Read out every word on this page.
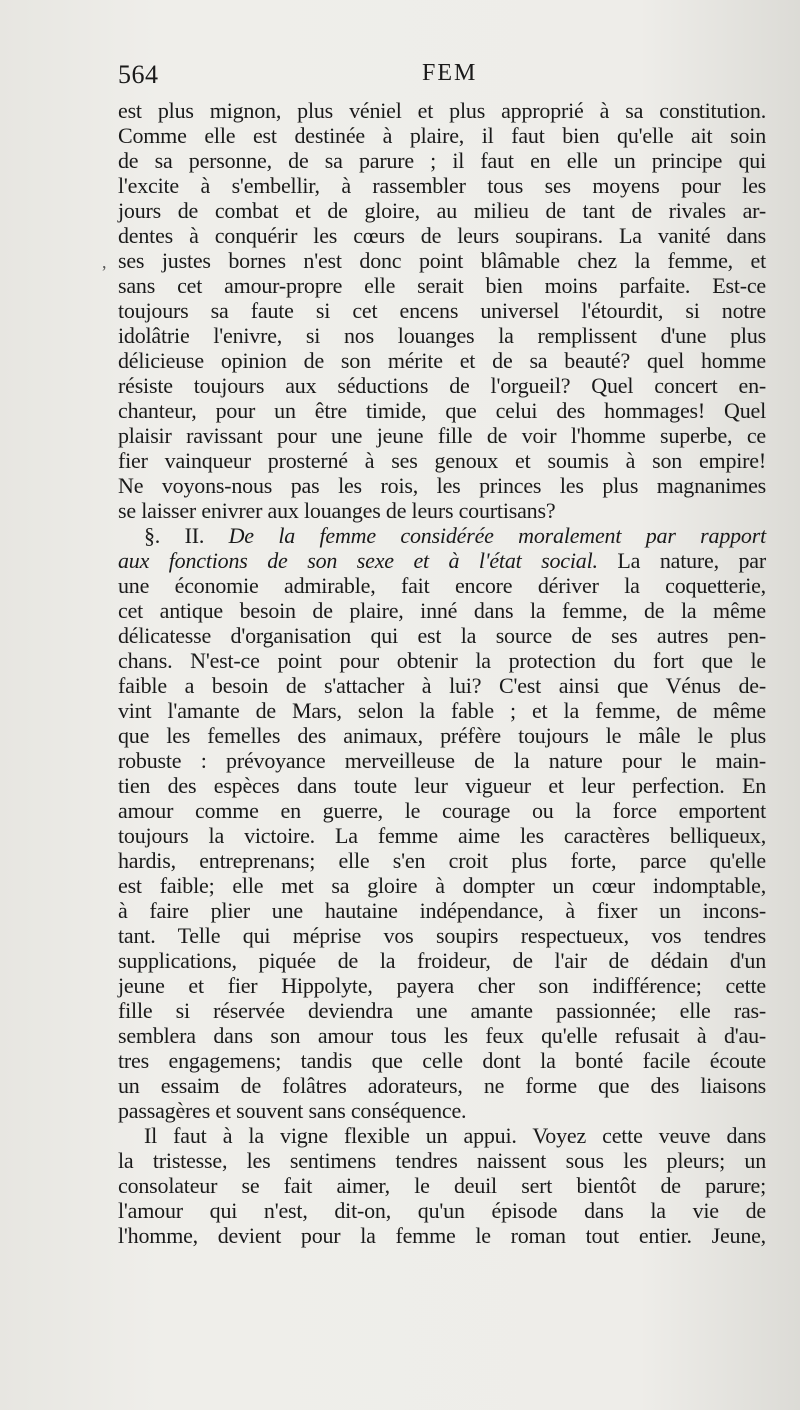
564	FEM
est plus mignon, plus véniel et plus approprié à sa constitution.
Comme elle est destinée à plaire, il faut bien qu'elle ait soin
de sa personne, de sa parure ; il faut en elle un principe qui
l'excite à s'embellir, à rassembler tous ses moyens pour les
jours de combat et de gloire, au milieu de tant de rivales ar-
dentes à conquérir les cœurs de leurs soupirans. La vanité dans
ses justes bornes n'est donc point blâmable chez la femme, et
sans cet amour-propre elle serait bien moins parfaite. Est-ce
toujours sa faute si cet encens universel l'étourdit, si notre
idolâtrie l'enivre, si nos louanges la remplissent d'une plus
délicieuse opinion de son mérite et de sa beauté? quel homme
résiste toujours aux séductions de l'orgueil? Quel concert en-
chanteur, pour un être timide, que celui des hommages! Quel
plaisir ravissant pour une jeune fille de voir l'homme superbe, ce
fier vainqueur prosterné à ses genoux et soumis à son empire!
Ne voyons-nous pas les rois, les princes les plus magnanimes
se laisser enivrer aux louanges de leurs courtisans?
§. II. De la femme considérée moralement par rapport
aux fonctions de son sexe et à l'état social. La nature, par
une économie admirable, fait encore dériver la coquetterie,
cet antique besoin de plaire, inné dans la femme, de la même
délicatesse d'organisation qui est la source de ses autres pen-
chans. N'est-ce point pour obtenir la protection du fort que le
faible a besoin de s'attacher à lui? C'est ainsi que Vénus de-
vint l'amante de Mars, selon la fable ; et la femme, de même
que les femelles des animaux, préfère toujours le mâle le plus
robuste : prévoyance merveilleuse de la nature pour le main-
tien des espèces dans toute leur vigueur et leur perfection. En
amour comme en guerre, le courage ou la force emportent
toujours la victoire. La femme aime les caractères belliqueux,
hardis, entreprenans; elle s'en croit plus forte, parce qu'elle
est faible; elle met sa gloire à dompter un cœur indomptable,
à faire plier une hautaine indépendance, à fixer un incons-
tant. Telle qui méprise vos soupirs respectueux, vos tendres
supplications, piquée de la froideur, de l'air de dédain d'un
jeune et fier Hippolyte, payera cher son indifférence; cette
fille si réservée deviendra une amante passionnée; elle ras-
semblera dans son amour tous les feux qu'elle refusait à d'au-
tres engagemens; tandis que celle dont la bonté facile écoute
un essaim de folâtres adorateurs, ne forme que des liaisons
passagères et souvent sans conséquence.
Il faut à la vigne flexible un appui. Voyez cette veuve dans
la tristesse, les sentimens tendres naissent sous les pleurs; un
consolateur se fait aimer, le deuil sert bientôt de parure;
l'amour qui n'est, dit-on, qu'un épisode dans la vie de
l'homme, devient pour la femme le roman tout entier. Jeune,
,
